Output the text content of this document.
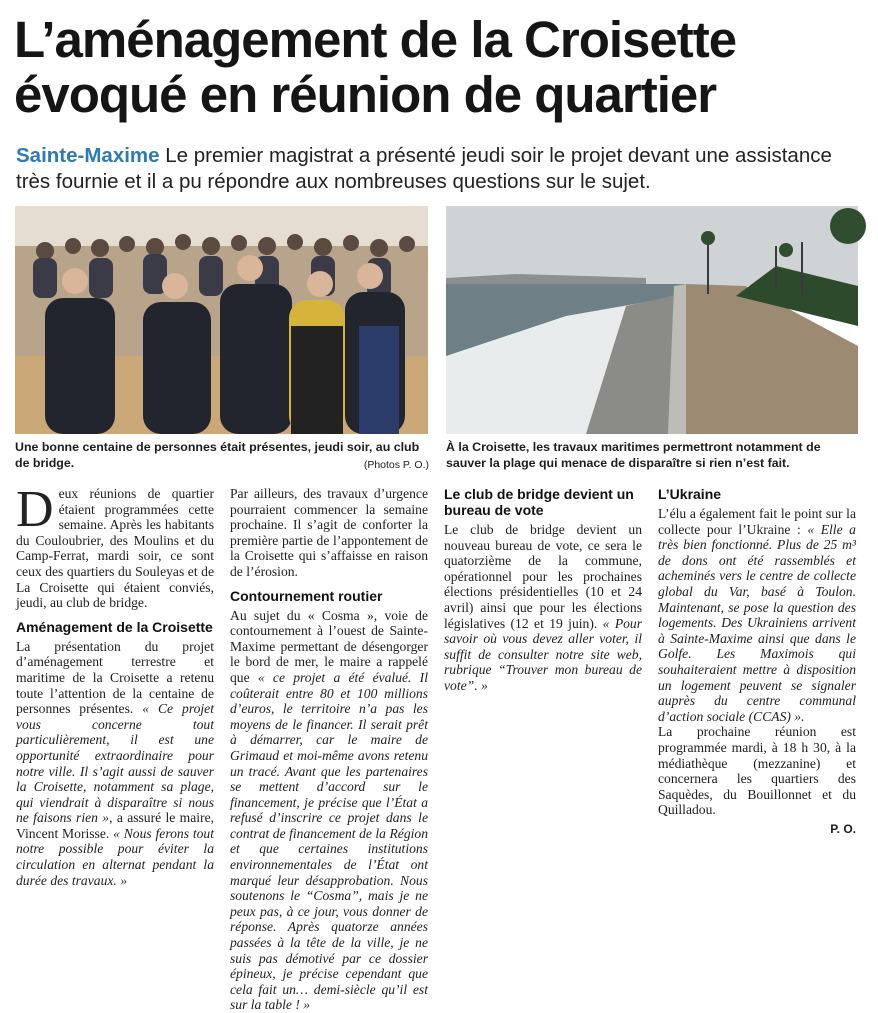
L’aménagement de la Croisette
évoqué en réunion de quartier
Sainte-Maxime Le premier magistrat a présenté jeudi soir le projet devant une assistance très fournie et il a pu répondre aux nombreuses questions sur le sujet.
Une bonne centaine de personnes était présentes, jeudi soir, au club de bridge.	(Photos P. O.)
À la Croisette, les travaux maritimes permettront notamment de sauver la plage qui menace de disparaître si rien n’est fait.

Deux réunions de quartier étaient programmées cette semaine. Après les habitants du Couloubrier, des Moulins et du Camp-Ferrat, mardi soir, ce sont ceux des quartiers du Souleyas et de La Croisette qui étaient conviés, jeudi, au club de bridge.

Aménagement de la Croisette

La présentation du projet d’aménagement terrestre et maritime de la Croisette a retenu toute l’attention de la centaine de personnes présentes. « Ce projet vous concerne tout particulièrement, il est une opportunité extraordinaire pour notre ville. Il s’agit aussi de sauver la Croisette, notamment sa plage, qui viendrait à disparaître si nous ne faisons rien », a assuré le maire, Vincent Morisse. « Nous ferons tout notre possible pour éviter la circulation en alternat pendant la durée des travaux. »

Par ailleurs, des travaux d’urgence pourraient commencer la semaine prochaine. Il s’agit de conforter la première partie de l’appontement de la Croisette qui s’affaisse en raison de l’érosion.

Contournement routier

Au sujet du « Cosma », voie de contournement à l’ouest de Sainte-Maxime permettant de désengorger le bord de mer, le maire a rappelé que « ce projet a été évalué. Il coûterait entre 80 et 100 millions d’euros, le territoire n’a pas les moyens de le financer. Il serait prêt à démarrer, car le maire de Grimaud et moi-même avons retenu un tracé. Avant que les partenaires se mettent d’accord sur le financement, je précise que l’État a refusé d’inscrire ce projet dans le contrat de financement de la Région et que certaines institutions environnementales de l’État ont marqué leur désapprobation. Nous soutenons le “Cosma”, mais je ne peux pas, à ce jour, vous donner de réponse. Après quatorze années passées à la tête de la ville, je ne suis pas démotivé par ce dossier épineux, je précise cependant que cela fait un… demi-siècle qu’il est sur la table ! »

Le club de bridge devient un bureau de vote

Le club de bridge devient un nouveau bureau de vote, ce sera le quatorzième de la commune, opérationnel pour les prochaines élections présidentielles (10 et 24 avril) ainsi que pour les élections législatives (12 et 19 juin). « Pour savoir où vous devez aller voter, il suffit de consulter notre site web, rubrique “Trouver mon bureau de vote”. »

L’Ukraine

L’élu a également fait le point sur la collecte pour l’Ukraine : « Elle a très bien fonctionné. Plus de 25 m³ de dons ont été rassemblés et acheminés vers le centre de collecte global du Var, basé à Toulon. Maintenant, se pose la question des logements. Des Ukrainiens arrivent à Sainte-Maxime ainsi que dans le Golfe. Les Maximois qui souhaiteraient mettre à disposition un logement peuvent se signaler auprès du centre communal d’action sociale (CCAS) ».

La prochaine réunion est programmée mardi, à 18 h 30, à la médiathèque (mezzanine) et concernera les quartiers des Saquèdes, du Bouillonnet et du Quilladou.

P. O.
